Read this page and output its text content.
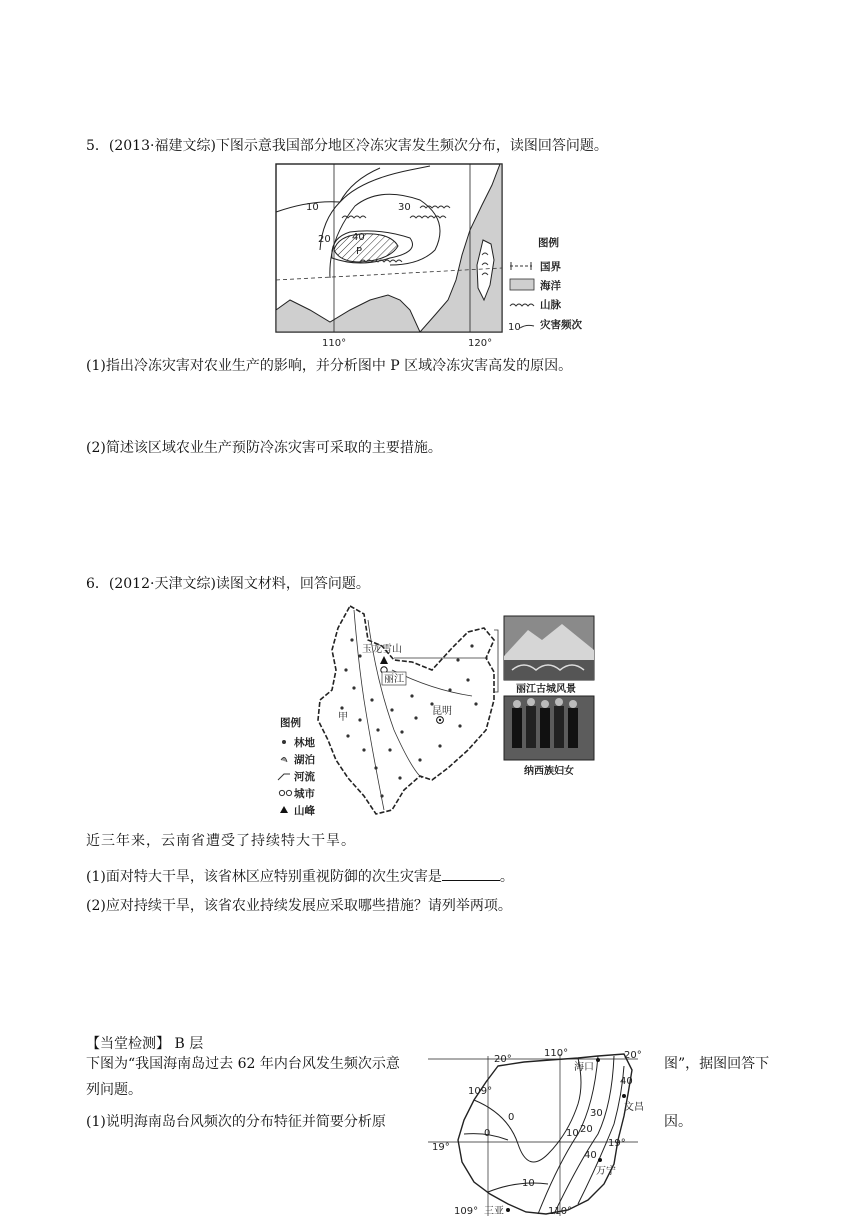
5．(2013·福建文综)下图示意我国部分地区冷冻灾害发生频次分布，读图回答问题。
10
20
30
40
P
110°	120°
图例
国界
海洋
山脉
10 灾害频次
(1)指出冷冻灾害对农业生产的影响，并分析图中 P 区域冷冻灾害高发的原因。
(2)简述该区域农业生产预防冷冻灾害可采取的主要措施。
6．(2012·天津文综)读图文材料，回答问题。
玉龙雪山
丽江
昆明
甲
图例
林地
湖泊
河流
城市
山峰
丽江古城风景
纳西族妇女
近三年来，云南省遭受了持续特大干旱。
(1)面对特大干旱，该省林区应特别重视防御的次生灾害是	。
(2)应对持续干旱，该省农业持续发展应采取哪些措施？请列举两项。
【当堂检测】 B 层
下图为“我国海南岛过去 62 年内台风发生频次示意	图”，据图回答下
列问题。
(1)说明海南岛台风频次的分布特征并简要分析原	因。
20°	20°
110°
109°
19°
19°
109°	110°
海口
文昌
万宁
三亚
0
0	10 20
30
40
40
10
